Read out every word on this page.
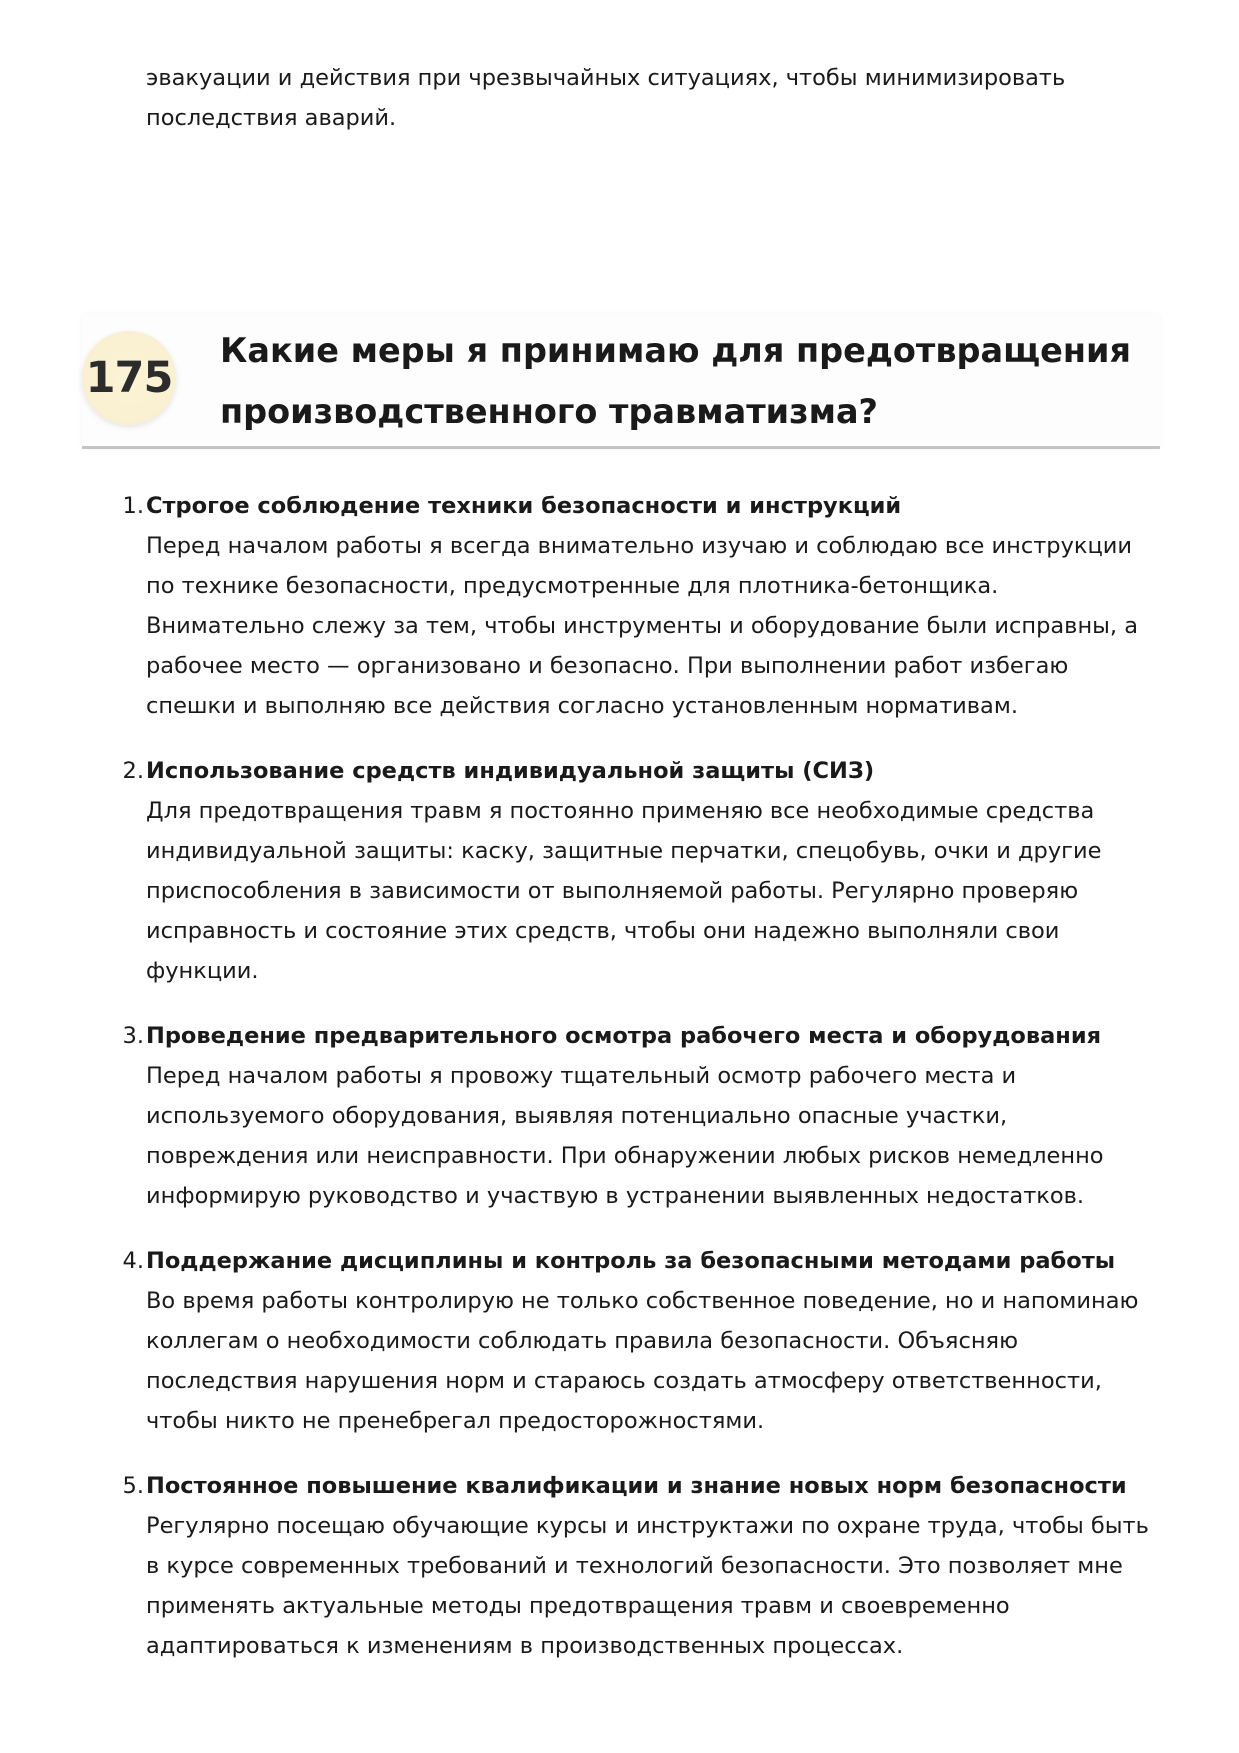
эвакуации и действия при чрезвычайных ситуациях, чтобы минимизировать последствия аварий.

175
Какие меры я принимаю для предотвращения производственного травматизма?
1. Строгое соблюдение техники безопасности и инструкций
Перед началом работы я всегда внимательно изучаю и соблюдаю все инструкции по технике безопасности, предусмотренные для плотника-бетонщика. Внимательно слежу за тем, чтобы инструменты и оборудование были исправны, а рабочее место — организовано и безопасно. При выполнении работ избегаю спешки и выполняю все действия согласно установленным нормативам.
2. Использование средств индивидуальной защиты (СИЗ)
Для предотвращения травм я постоянно применяю все необходимые средства индивидуальной защиты: каску, защитные перчатки, спецобувь, очки и другие приспособления в зависимости от выполняемой работы. Регулярно проверяю исправность и состояние этих средств, чтобы они надежно выполняли свои функции.
3. Проведение предварительного осмотра рабочего места и оборудования
Перед началом работы я провожу тщательный осмотр рабочего места и используемого оборудования, выявляя потенциально опасные участки, повреждения или неисправности. При обнаружении любых рисков немедленно информирую руководство и участвую в устранении выявленных недостатков.
4. Поддержание дисциплины и контроль за безопасными методами работы
Во время работы контролирую не только собственное поведение, но и напоминаю коллегам о необходимости соблюдать правила безопасности. Объясняю последствия нарушения норм и стараюсь создать атмосферу ответственности, чтобы никто не пренебрегал предосторожностями.
5. Постоянное повышение квалификации и знание новых норм безопасности
Регулярно посещаю обучающие курсы и инструктажи по охране труда, чтобы быть в курсе современных требований и технологий безопасности. Это позволяет мне применять актуальные методы предотвращения травм и своевременно адаптироваться к изменениям в производственных процессах.
